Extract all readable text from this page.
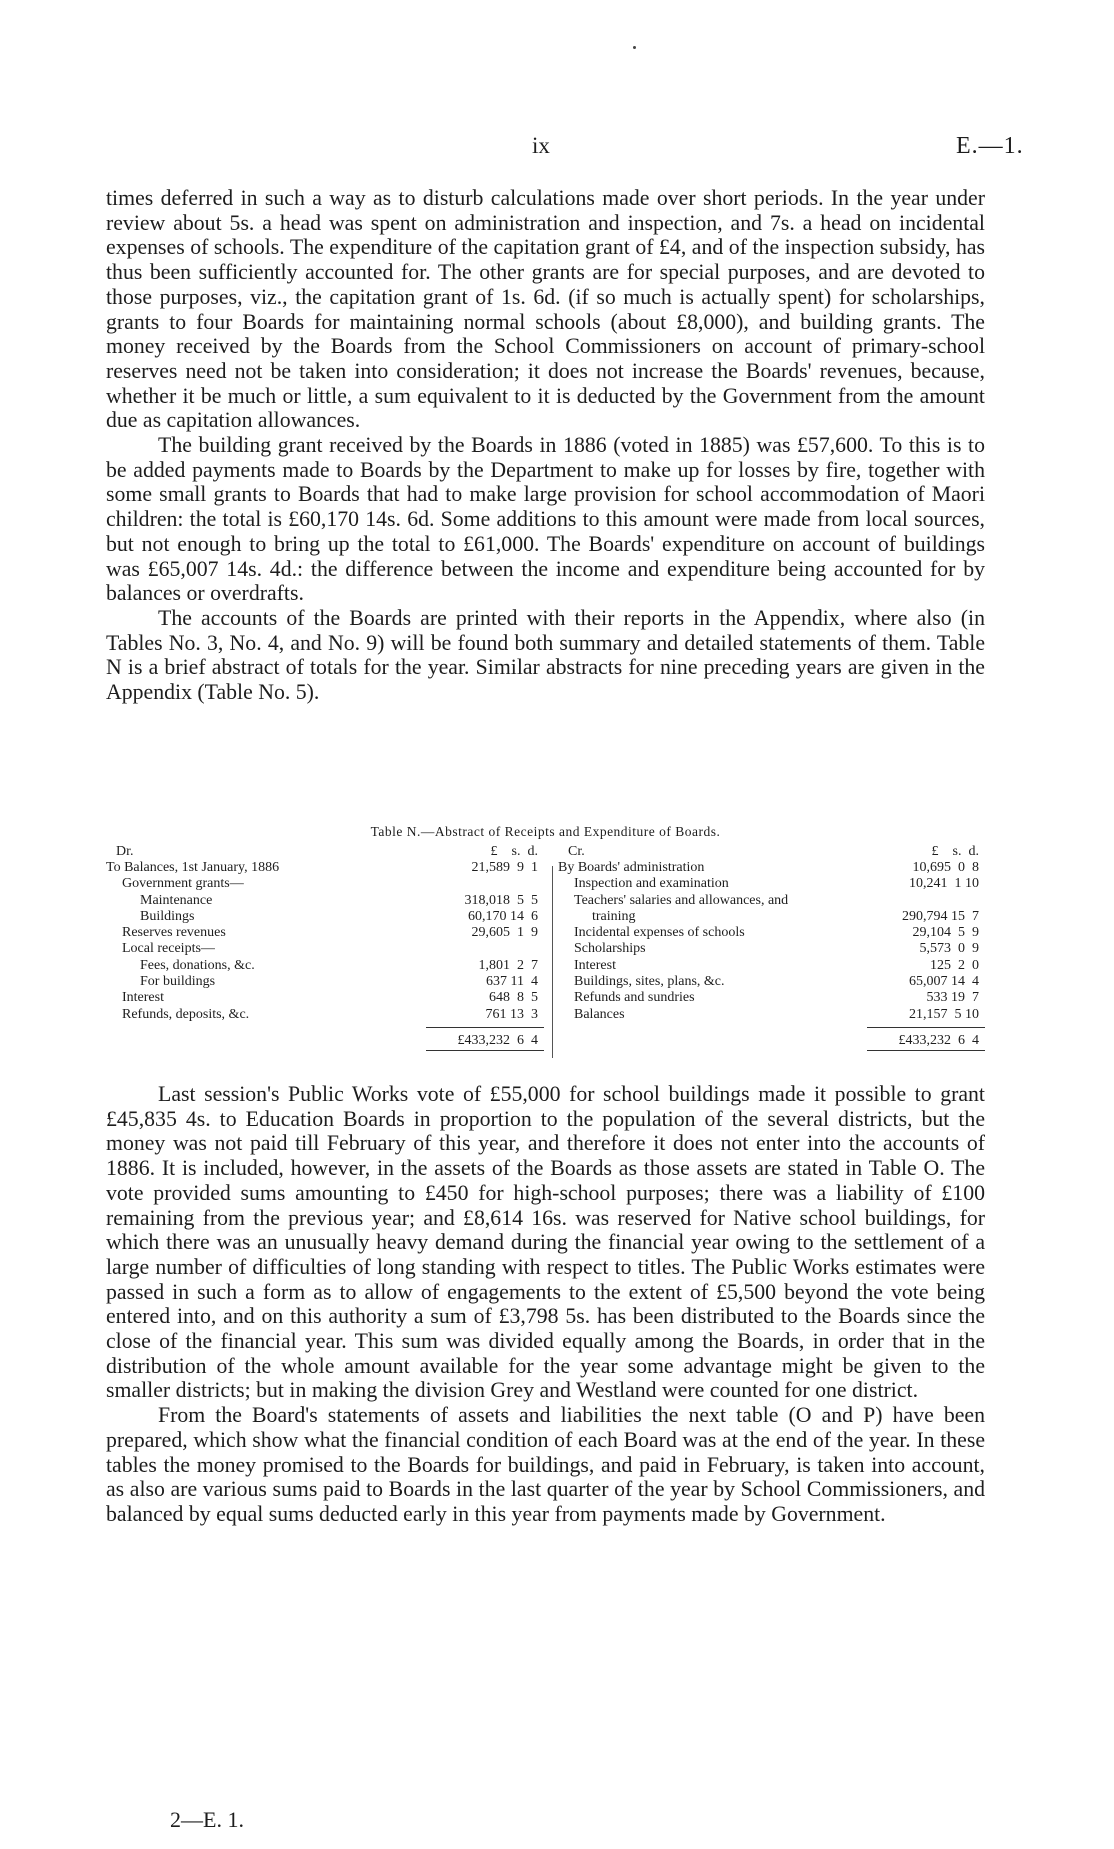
ix	E.—1.

times deferred in such a way as to disturb calculations made over short periods. In the year under review about 5s. a head was spent on administration and inspection, and 7s. a head on incidental expenses of schools. The expenditure of the capitation grant of £4, and of the inspection subsidy, has thus been sufficiently accounted for. The other grants are for special purposes, and are devoted to those purposes, viz., the capitation grant of 1s. 6d. (if so much is actually spent) for scholarships, grants to four Boards for maintaining normal schools (about £8,000), and building grants. The money received by the Boards from the School Commissioners on account of primary-school reserves need not be taken into consideration; it does not increase the Boards' revenues, because, whether it be much or little, a sum equivalent to it is deducted by the Government from the amount due as capitation allowances.

The building grant received by the Boards in 1886 (voted in 1885) was £57,600. To this is to be added payments made to Boards by the Department to make up for losses by fire, together with some small grants to Boards that had to make large provision for school accommodation of Maori children: the total is £60,170 14s. 6d. Some additions to this amount were made from local sources, but not enough to bring up the total to £61,000. The Boards' expenditure on account of buildings was £65,007 14s. 4d.: the difference between the income and expenditure being accounted for by balances or overdrafts.

The accounts of the Boards are printed with their reports in the Appendix, where also (in Tables No. 3, No. 4, and No. 9) will be found both summary and detailed statements of them. Table N is a brief abstract of totals for the year. Similar abstracts for nine preceding years are given in the Appendix (Table No. 5).

Table N.—Abstract of Receipts and Expenditure of Boards.
Dr.	£    s.  d.
To Balances, 1st January, 1886	21,589  9  1
Government grants—
Maintenance	318,018  5  5
Buildings	60,170 14  6
Reserves revenues	29,605  1  9
Local receipts—
Fees, donations, &c.	1,801  2  7
For buildings	637 11  4
Interest	648  8  5
Refunds, deposits, &c.	761 13  3
£433,232  6  4
Cr.	£    s.  d.
By Boards' administration	10,695  0  8
Inspection and examination	10,241  1 10
Teachers' salaries and allowances, and
training	290,794 15  7
Incidental expenses of schools	29,104  5  9
Scholarships	5,573  0  9
Interest	125  2  0
Buildings, sites, plans, &c.	65,007 14  4
Refunds and sundries	533 19  7
Balances	21,157  5 10
£433,232  6  4

Last session's Public Works vote of £55,000 for school buildings made it possible to grant £45,835 4s. to Education Boards in proportion to the population of the several districts, but the money was not paid till February of this year, and therefore it does not enter into the accounts of 1886. It is included, however, in the assets of the Boards as those assets are stated in Table O. The vote provided sums amounting to £450 for high-school purposes; there was a liability of £100 remaining from the previous year; and £8,614 16s. was reserved for Native school buildings, for which there was an unusually heavy demand during the financial year owing to the settlement of a large number of difficulties of long standing with respect to titles. The Public Works estimates were passed in such a form as to allow of engagements to the extent of £5,500 beyond the vote being entered into, and on this authority a sum of £3,798 5s. has been distributed to the Boards since the close of the financial year. This sum was divided equally among the Boards, in order that in the distribution of the whole amount available for the year some advantage might be given to the smaller districts; but in making the division Grey and Westland were counted for one district.

From the Board's statements of assets and liabilities the next table (O and P) have been prepared, which show what the financial condition of each Board was at the end of the year. In these tables the money promised to the Boards for buildings, and paid in February, is taken into account, as also are various sums paid to Boards in the last quarter of the year by School Commissioners, and balanced by equal sums deducted early in this year from payments made by Government.

2—E. 1.
